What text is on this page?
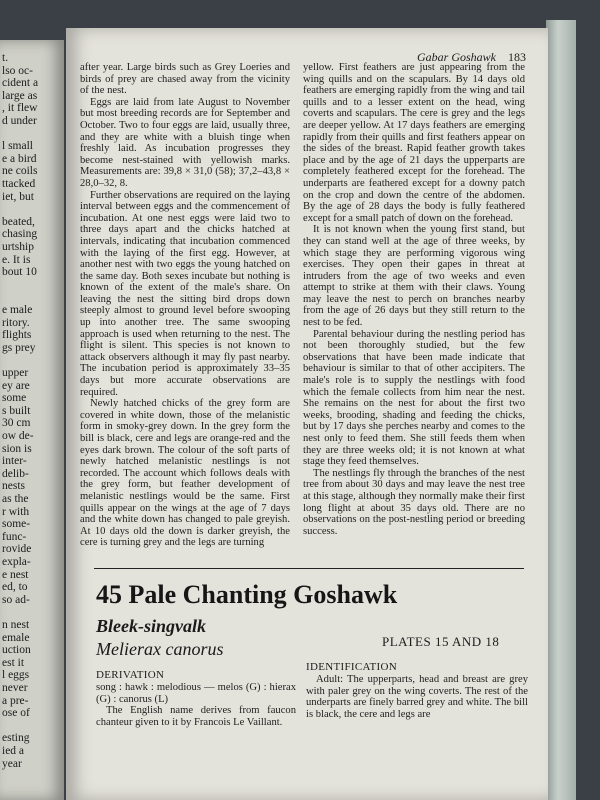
t.
lso oc-
cident a
large as
, it flew
d under
l small
e a bird
ne coils
ttacked
iet, but
beated,
chasing
urtship
e. It is
bout 10
e male
ritory.
flights
gs prey
upper
ey are
some
s built
30 cm
ow de-
sion is
inter-
delib-
nests
as the
r with
some-
func-
rovide
expla-
e nest
ed, to
so ad-
n nest
emale
uction
est it
l eggs
never
a pre-
ose of
esting
ied a
year
Gabar Goshawk 183

after year. Large birds such as Grey Loeries and birds of prey are chased away from the vicinity of the nest.

Eggs are laid from late August to November but most breeding records are for September and October. Two to four eggs are laid, usually three, and they are white with a bluish tinge when freshly laid. As incubation progresses they become nest-stained with yellowish marks. Measurements are: 39,8 × 31,0 (58); 37,2–43,8 × 28,0–32, 8.

Further observations are required on the laying interval between eggs and the commencement of incubation. At one nest eggs were laid two to three days apart and the chicks hatched at intervals, indicating that incubation commenced with the laying of the first egg. However, at another nest with two eggs the young hatched on the same day. Both sexes incubate but nothing is known of the extent of the male's share. On leaving the nest the sitting bird drops down steeply almost to ground level before swooping up into another tree. The same swooping approach is used when returning to the nest. The flight is silent. This species is not known to attack observers although it may fly past nearby. The incubation period is approximately 33–35 days but more accurate observations are required.

Newly hatched chicks of the grey form are covered in white down, those of the melanistic form in smoky-grey down. In the grey form the bill is black, cere and legs are orange-red and the eyes dark brown. The colour of the soft parts of newly hatched melanistic nestlings is not recorded. The account which follows deals with the grey form, but feather development of melanistic nestlings would be the same. First quills appear on the wings at the age of 7 days and the white down has changed to pale greyish. At 10 days old the down is darker greyish, the cere is turning grey and the legs are turning

yellow. First feathers are just appearing from the wing quills and on the scapulars. By 14 days old feathers are emerging rapidly from the wing and tail quills and to a lesser extent on the head, wing coverts and scapulars. The cere is grey and the legs are deeper yellow. At 17 days feathers are emerging rapidly from their quills and first feathers appear on the sides of the breast. Rapid feather growth takes place and by the age of 21 days the upperparts are completely feathered except for the forehead. The underparts are feathered except for a downy patch on the crop and down the centre of the abdomen. By the age of 28 days the body is fully feathered except for a small patch of down on the forehead.

It is not known when the young first stand, but they can stand well at the age of three weeks, by which stage they are performing vigorous wing exercises. They open their gapes in threat at intruders from the age of two weeks and even attempt to strike at them with their claws. Young may leave the nest to perch on branches nearby from the age of 26 days but they still return to the nest to be fed.

Parental behaviour during the nestling period has not been thoroughly studied, but the few observations that have been made indicate that behaviour is similar to that of other accipiters. The male's role is to supply the nestlings with food which the female collects from him near the nest. She remains on the nest for about the first two weeks, brooding, shading and feeding the chicks, but by 17 days she perches nearby and comes to the nest only to feed them. She still feeds them when they are three weeks old; it is not known at what stage they feed themselves.

The nestlings fly through the branches of the nest tree from about 30 days and may leave the nest tree at this stage, although they normally make their first long flight at about 35 days old. There are no observations on the post-nestling period or breeding success.

45 Pale Chanting Goshawk
Bleek-singvalk
Melierax canorus	PLATES 15 AND 18
DERIVATION

song : hawk : melodious — melos (G) : hierax (G) : canorus (L)

The English name derives from faucon chanteur given to it by Francois Le Vaillant.

IDENTIFICATION

Adult: The upperparts, head and breast are grey with paler grey on the wing coverts. The rest of the underparts are finely barred grey and white. The bill is black, the cere and legs are
